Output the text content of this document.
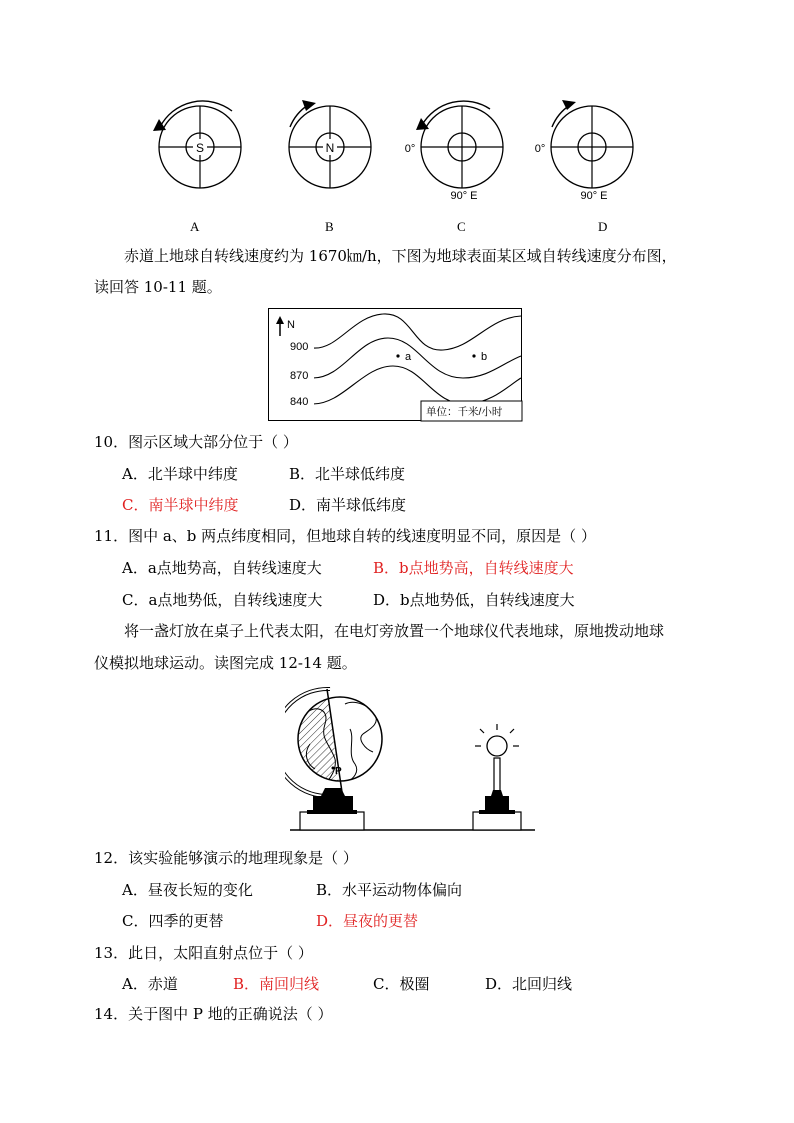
S	N	0°
90° E
0°
90° E
A	B	C	D
赤道上地球自转线速度约为 1670㎞/h，下图为地球表面某区域自转线速度分布图，
读回答 10-11 题。
N
900
870
840
a	b
单位：千米/小时
10．图示区域大部分位于（ ）
A．北半球中纬度	B．北半球低纬度
C．南半球中纬度	D．南半球低纬度
11．图中 a、b 两点纬度相同，但地球自转的线速度明显不同，原因是（ ）
A．a点地势高，自转线速度大	B．b点地势高，自转线速度大
C．a点地势低，自转线速度大	D．b点地势低，自转线速度大
将一盏灯放在桌子上代表太阳，在电灯旁放置一个地球仪代表地球，原地拨动地球
仪模拟地球运动。读图完成 12-14 题。
P
12．该实验能够演示的地理现象是（ ）
A．昼夜长短的变化	B．水平运动物体偏向
C．四季的更替	D．昼夜的更替
13．此日，太阳直射点位于（ ）
A．赤道	B．南回归线	C．极圈	D．北回归线
14．关于图中 P 地的正确说法（ ）
